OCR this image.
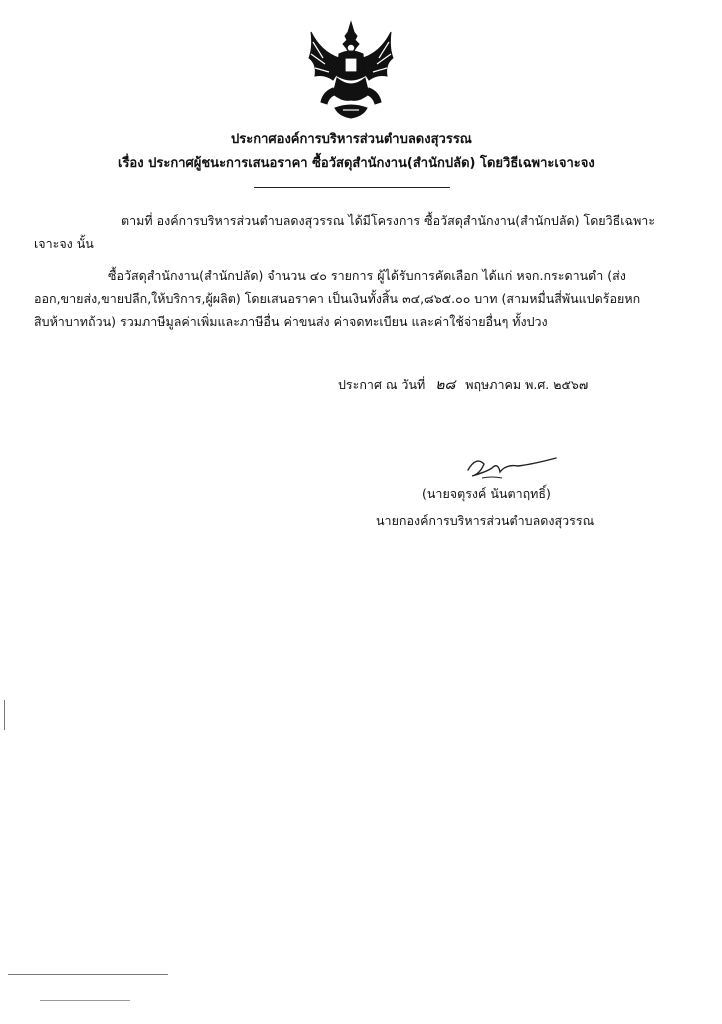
ประกาศองค์การบริหารส่วนตำบลดงสุวรรณ
เรื่อง ประกาศผู้ชนะการเสนอราคา ซื้อวัสดุสำนักงาน(สำนักปลัด) โดยวิธีเฉพาะเจาะจง
ตามที่ องค์การบริหารส่วนตำบลดงสุวรรณ ได้มีโครงการ ซื้อวัสดุสำนักงาน(สำนักปลัด) โดยวิธีเฉพาะ
เจาะจง นั้น
ซื้อวัสดุสำนักงาน(สำนักปลัด) จำนวน ๔๐ รายการ ผู้ได้รับการคัดเลือก ได้แก่ หจก.กระดานดำ (ส่ง
ออก,ขายส่ง,ขายปลีก,ให้บริการ,ผู้ผลิต) โดยเสนอราคา เป็นเงินทั้งสิ้น ๓๔,๘๖๕.๐๐ บาท (สามหมื่นสี่พันแปดร้อยหก
สิบห้าบาทถ้วน) รวมภาษีมูลค่าเพิ่มและภาษีอื่น ค่าขนส่ง ค่าจดทะเบียน และค่าใช้จ่ายอื่นๆ ทั้งปวง
ประกาศ ณ วันที่ ๒๘ พฤษภาคม พ.ศ. ๒๕๖๗
(นายจตุรงค์ นันตาฤทธิ์)
นายกองค์การบริหารส่วนตำบลดงสุวรรณ
